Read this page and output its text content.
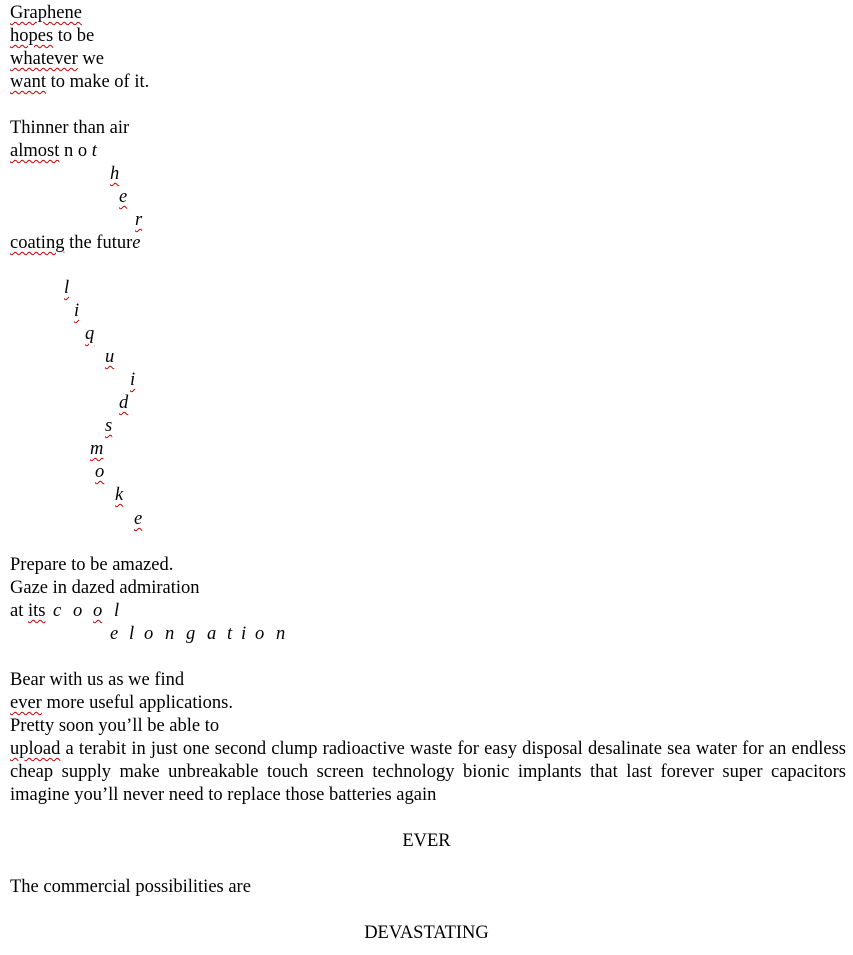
Graphene
hopes to be
whatever we
want to make of it.
Thinner than air
almost n o t
h
e
r
coating the future
l
i
q
u
i
d
s
m
o
k
e
Prepare to be amazed.
Gaze in dazed admiration
at its c o o l
e l o n g a t i o n
Bear with us as we find
ever more useful applications.
Pretty soon you’ll be able to
upload a terabit in just one second clump radioactive waste for easy disposal desalinate sea water for an endless cheap supply make unbreakable touch screen technology bionic implants that last forever super capacitors imagine you’ll never need to replace those batteries again
EVER
The commercial possibilities are
DEVASTATING
